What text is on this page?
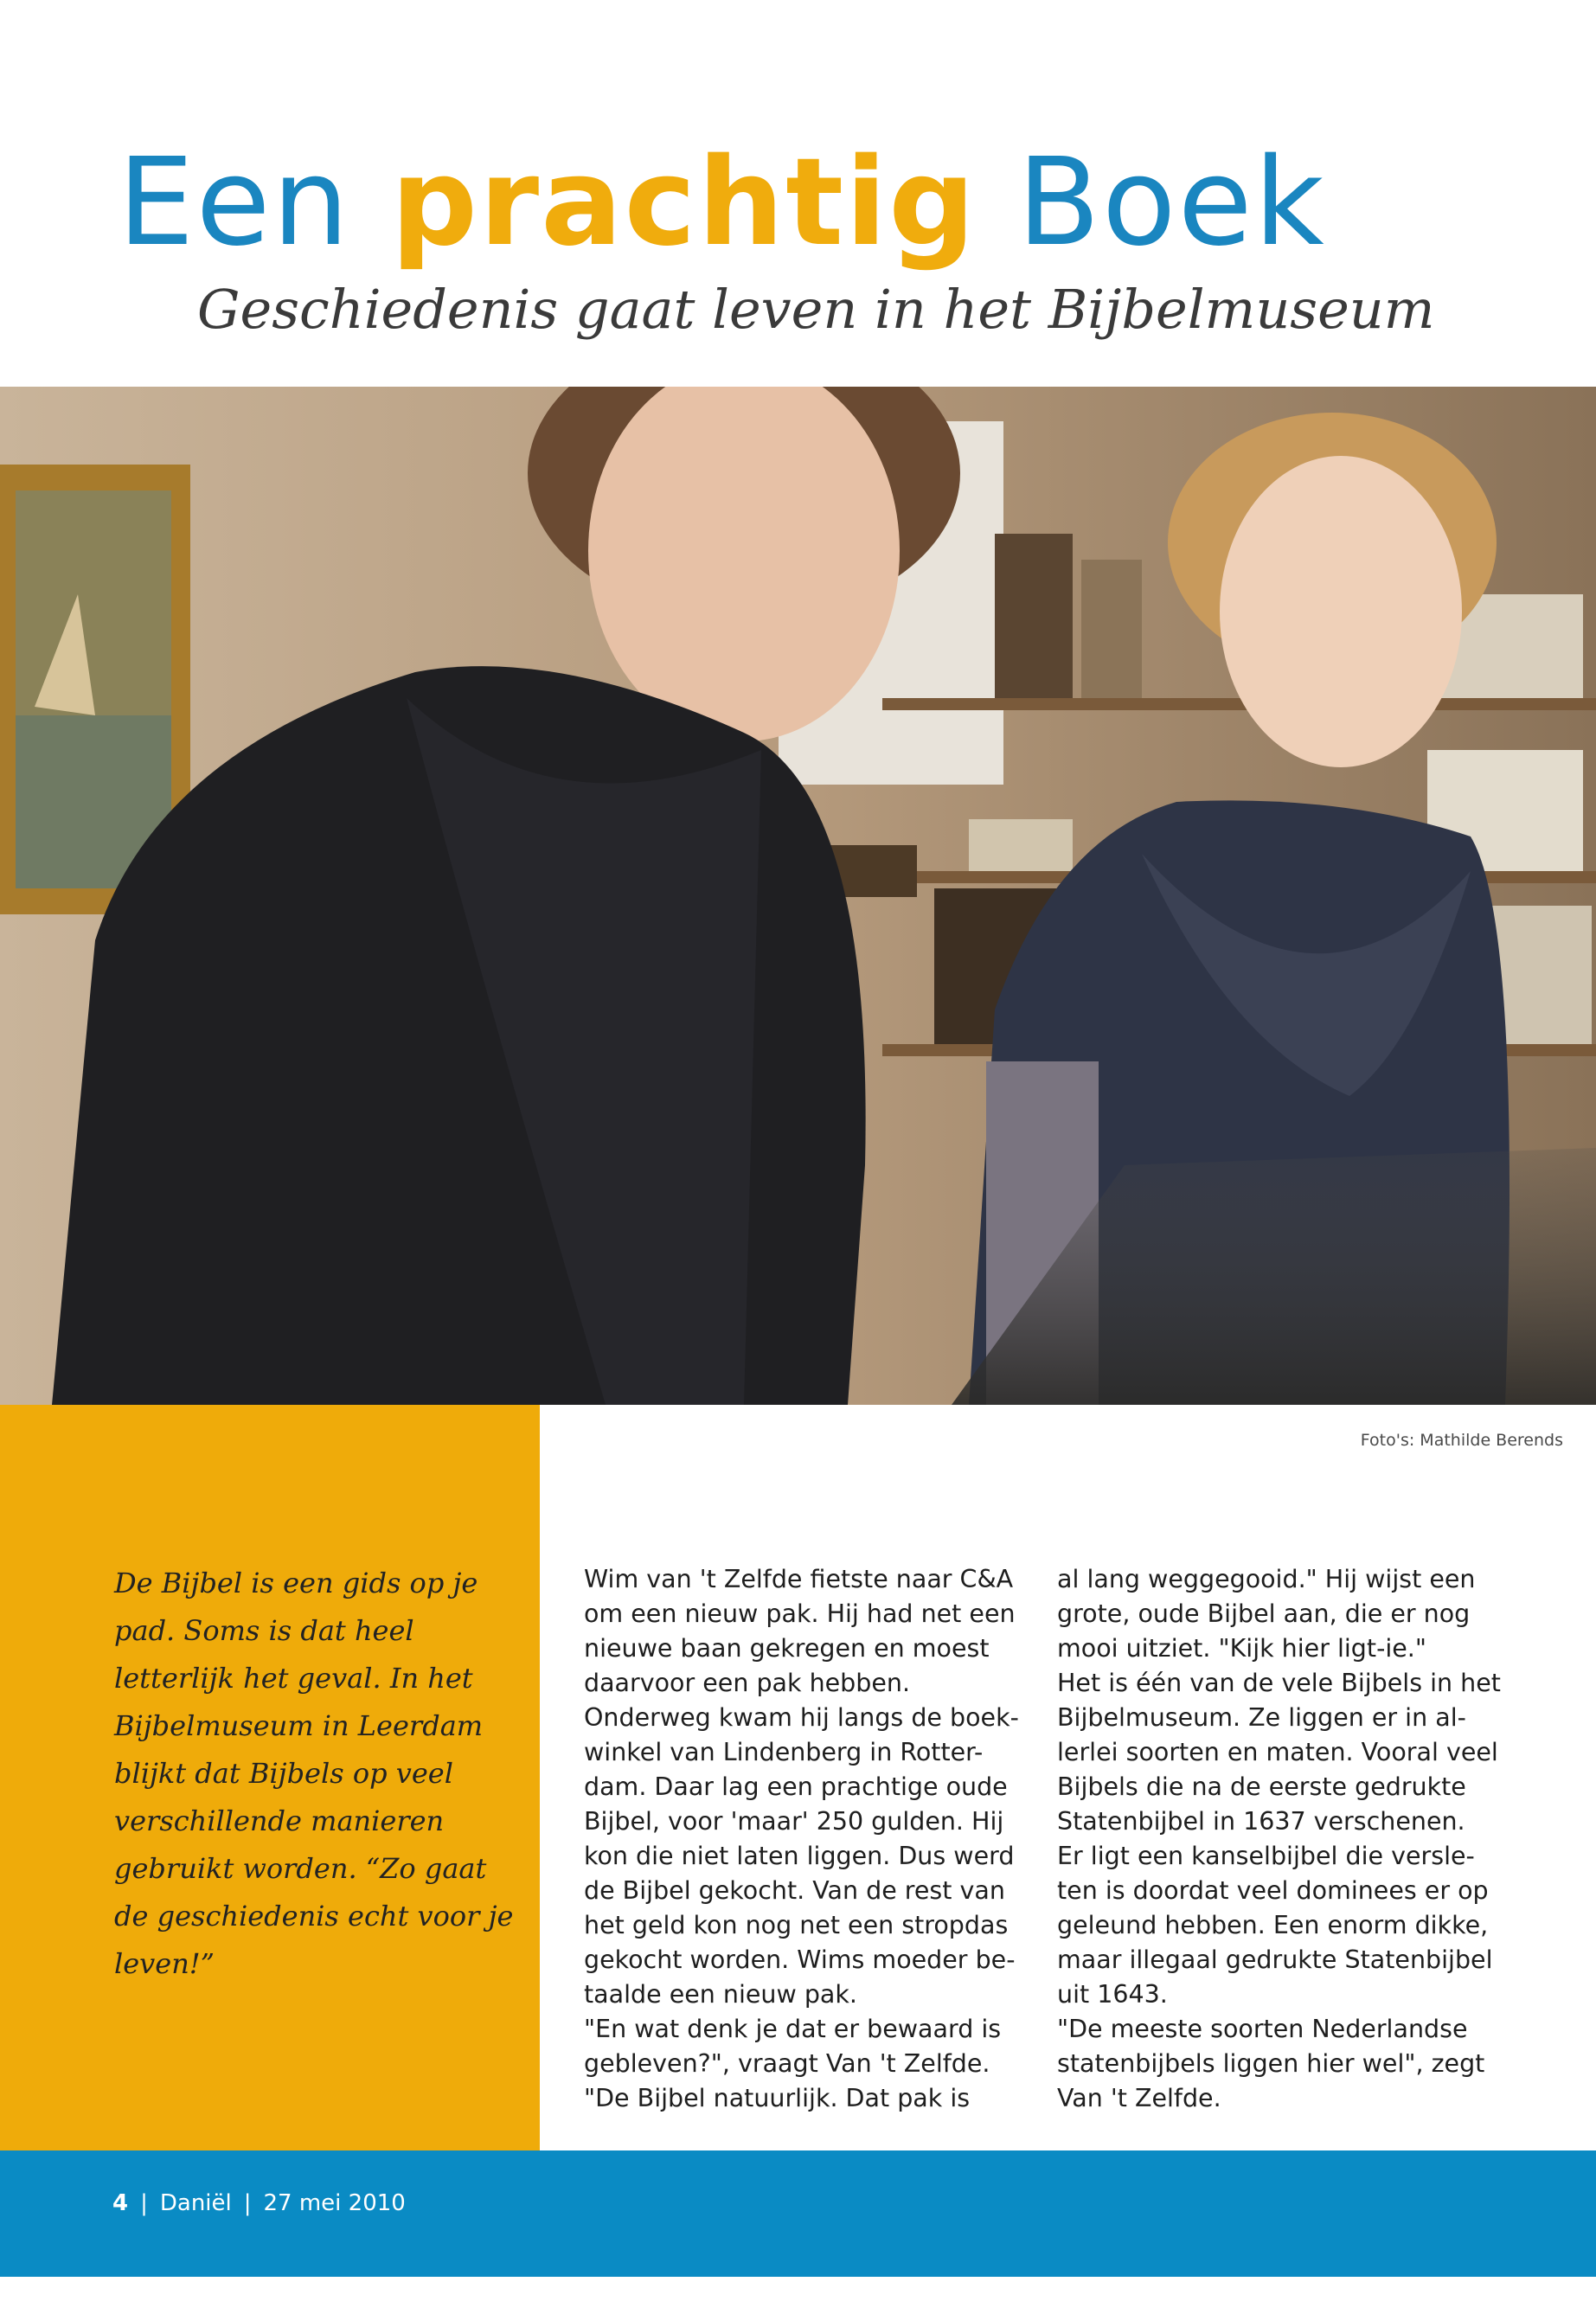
Een prachtig Boek
Geschiedenis gaat leven in het Bijbelmuseum
Foto's: Mathilde Berends
De Bijbel is een gids op je pad. Soms is dat heel letterlijk het geval. In het Bijbelmuseum in Leerdam blijkt dat Bijbels op veel verschillende manieren gebruikt worden. “Zo gaat de geschiedenis echt voor je leven!”

Wim van 't Zelfde fietste naar C&A

om een nieuw pak. Hij had net een

nieuwe baan gekregen en moest

daarvoor een pak hebben.

Onderweg kwam hij langs de boek-

winkel van Lindenberg in Rotter-

dam. Daar lag een prachtige oude

Bijbel, voor 'maar' 250 gulden. Hij

kon die niet laten liggen. Dus werd

de Bijbel gekocht. Van de rest van

het geld kon nog net een stropdas

gekocht worden. Wims moeder be-

taalde een nieuw pak.

"En wat denk je dat er bewaard is

gebleven?", vraagt Van 't Zelfde.

"De Bijbel natuurlijk. Dat pak is

al lang weggegooid." Hij wijst een

grote, oude Bijbel aan, die er nog

mooi uitziet. "Kijk hier ligt-ie."

Het is één van de vele Bijbels in het

Bijbelmuseum. Ze liggen er in al-

lerlei soorten en maten. Vooral veel

Bijbels die na de eerste gedrukte

Statenbijbel in 1637 verschenen.

Er ligt een kanselbijbel die versle-

ten is doordat veel dominees er op

geleund hebben. Een enorm dikke,

maar illegaal gedrukte Statenbijbel

uit 1643.

"De meeste soorten Nederlandse

statenbijbels liggen hier wel", zegt

Van 't Zelfde.

4 | Daniël | 27 mei 2010
